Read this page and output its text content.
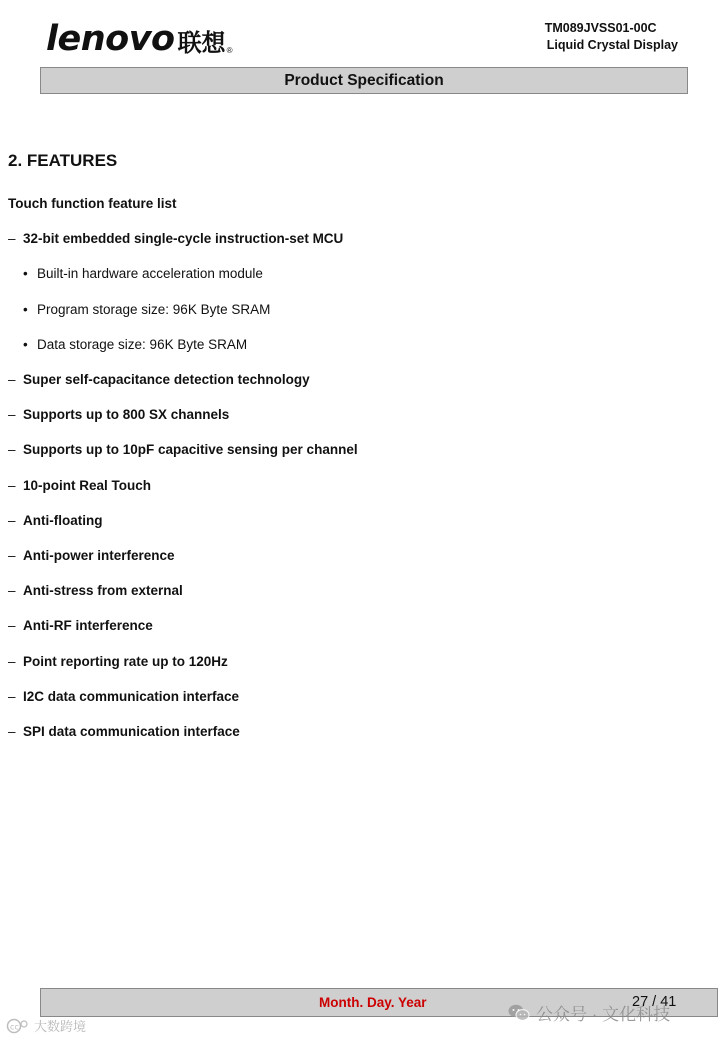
lenovo 联想 ®
TM089JVSS01-00C
Liquid Crystal Display
Product Specification
2. FEATURES
Touch function feature list
– 32-bit embedded single-cycle instruction-set MCU
• Built-in hardware acceleration module
• Program storage size: 96K Byte SRAM
• Data storage size: 96K Byte SRAM
– Super self-capacitance detection technology
– Supports up to 800 SX channels
– Supports up to 10pF capacitive sensing per channel
– 10-point Real Touch
– Anti-floating
– Anti-power interference
– Anti-stress from external
– Anti-RF interference
– Point reporting rate up to 120Hz
– I2C data communication interface
– SPI data communication interface
Month. Day. Year	27 / 41
公众号 · 文化科技
cc 大数跨境
